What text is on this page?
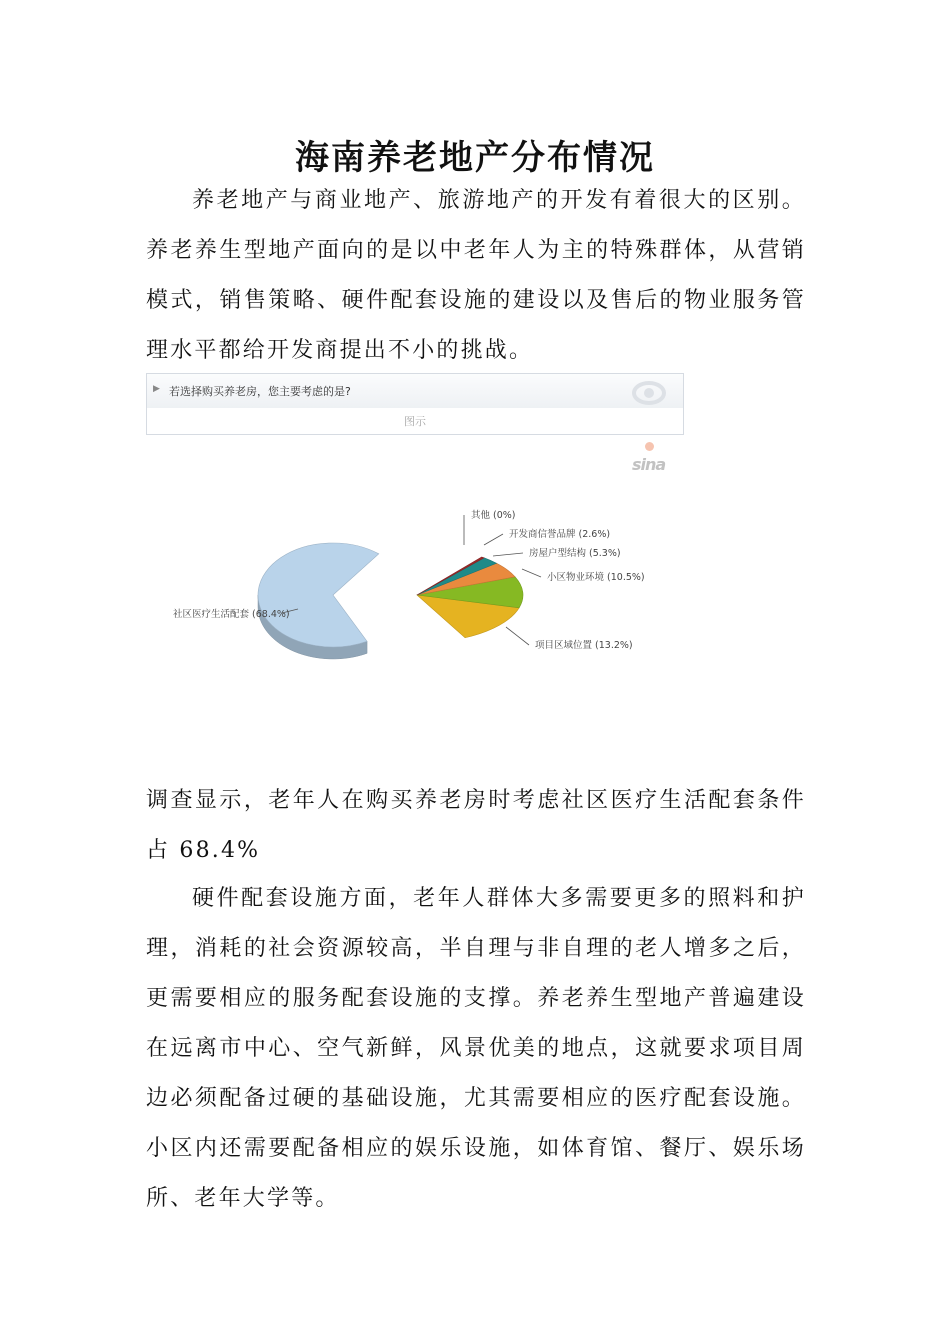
海南养老地产分布情况

养老地产与商业地产、旅游地产的开发有着很大的区别。养老养生型地产面向的是以中老年人为主的特殊群体，从营销模式，销售策略、硬件配套设施的建设以及售后的物业服务管理水平都给开发商提出不小的挑战。

▶ 若选择购买养老房，您主要考虑的是?
图示
sina
社区医疗生活配套 (68.4%)
项目区域位置 (13.2%)
小区物业环境 (10.5%)
房屋户型结构 (5.3%)
开发商信誉品牌 (2.6%)
其他 (0%)

调查显示，老年人在购买养老房时考虑社区医疗生活配套条件占 68.4%

硬件配套设施方面，老年人群体大多需要更多的照料和护理，消耗的社会资源较高，半自理与非自理的老人增多之后，更需要相应的服务配套设施的支撑。养老养生型地产普遍建设在远离市中心、空气新鲜，风景优美的地点，这就要求项目周边必须配备过硬的基础设施，尤其需要相应的医疗配套设施。小区内还需要配备相应的娱乐设施，如体育馆、餐厅、娱乐场所、老年大学等。
